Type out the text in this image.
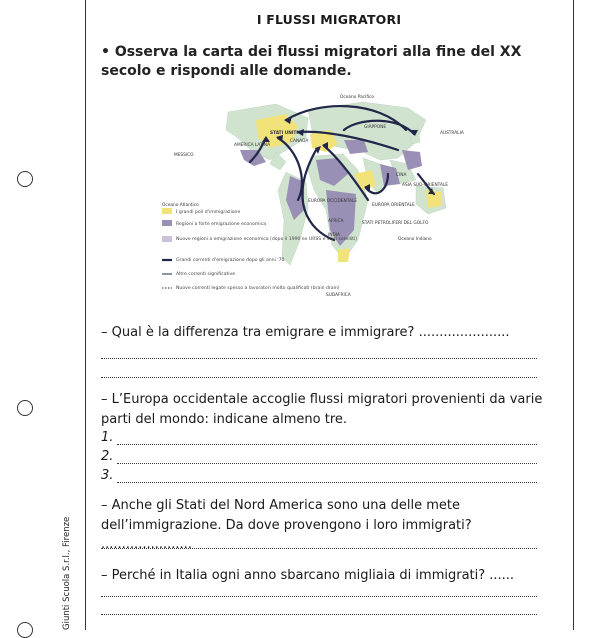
Giunti Scuola S.r.l., Firenze
I FLUSSI MIGRATORI
• Osserva la carta dei flussi migratori alla fine del XX secolo e rispondi alle domande.
Oceano Pacifico
STATI UNITI
CANADA
GIAPPONE
AUSTRALIA
CINA
ASIA SUD-ORIENTALE
AMERICA LATINA
MESSICO
Oceano Atlantico
EUROPA OCCIDENTALE
EUROPA ORIENTALE
AFRICA	STATI PETROLIFERI DEL GOLFO
INDIA
Oceano Indiano
SUDAFRICA
I grandi poli d'immigrazione
Regioni a forte emigrazione economica
Nuove regioni a emigrazione economica (dopo il 1990 ex URSS e stati satelliti)
Grandi correnti d'emigrazione dopo gli anni '70
Altre correnti significative
Nuove correnti legate spesso a lavoratori molto qualificati (brain drain)
– Qual è la differenza tra emigrare e immigrare? ......................
– L’Europa occidentale accoglie flussi migratori provenienti da varie parti del mondo: indicane almeno tre.
1.
2.
3.
– Anche gli Stati del Nord America sono una delle mete dell’immigrazione. Da dove provengono i loro immigrati? ......................
– Perché in Italia ogni anno sbarcano migliaia di immigrati? ......
